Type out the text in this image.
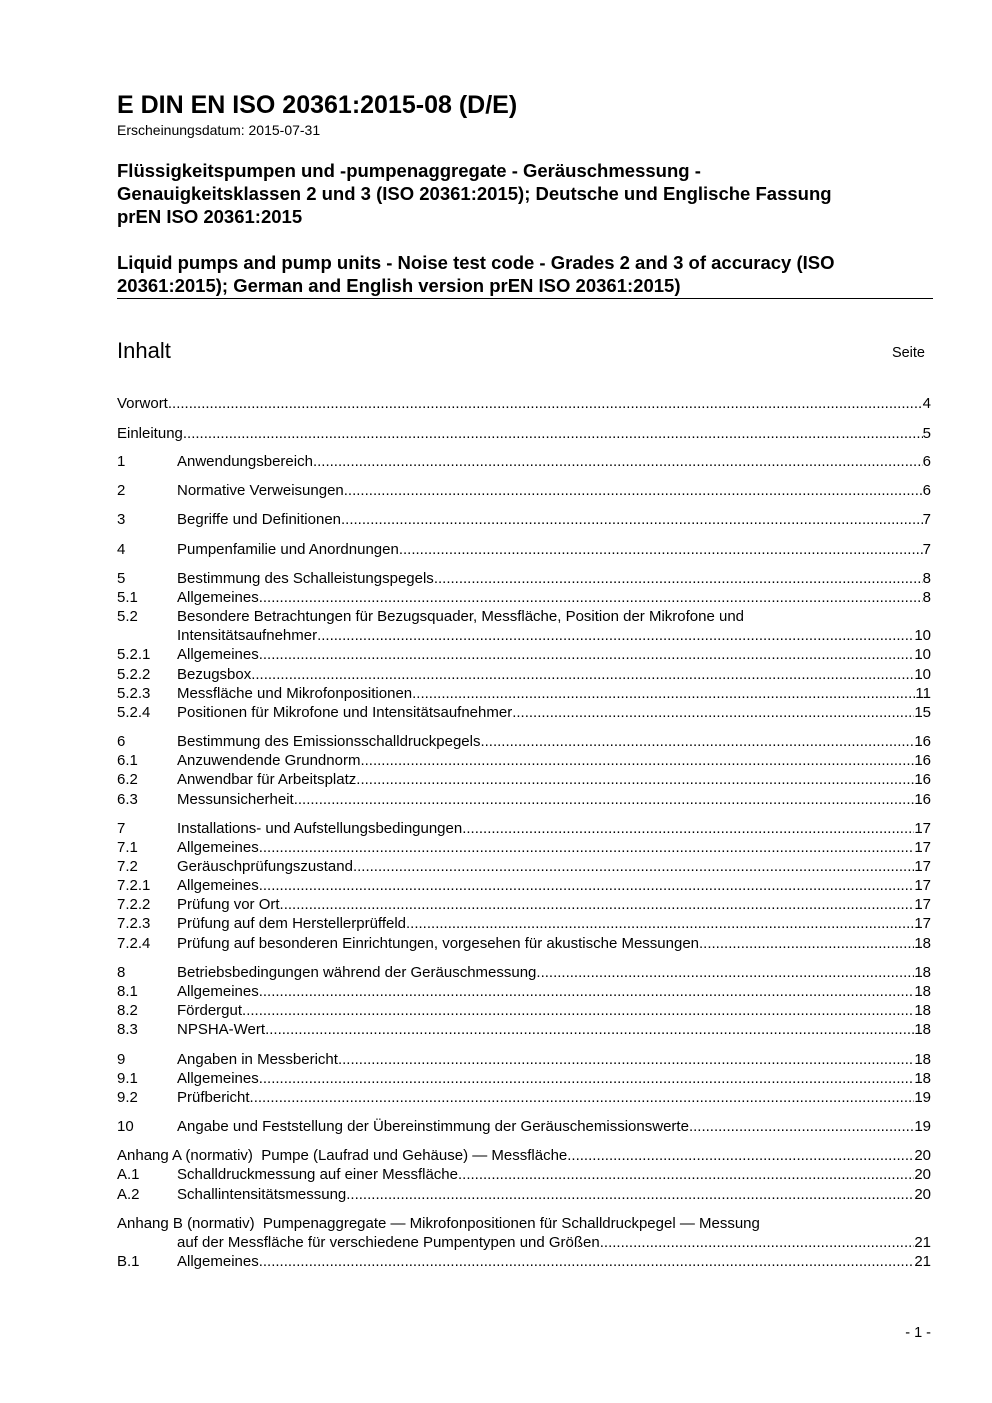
E DIN EN ISO 20361:2015-08 (D/E)
Erscheinungsdatum: 2015-07-31
Flüssigkeitspumpen und -pumpenaggregate - Geräuschmessung -
Genauigkeitsklassen 2 und 3 (ISO 20361:2015); Deutsche und Englische Fassung
prEN ISO 20361:2015
Liquid pumps and pump units - Noise test code - Grades 2 and 3 of accuracy (ISO
20361:2015); German and English version prEN ISO 20361:2015)
Inhalt	Seite
Vorwort .....	4
Einleitung .....	5
1	Anwendungsbereich .....	6
2	Normative Verweisungen .....	6
3	Begriffe und Definitionen .....	7
4	Pumpenfamilie und Anordnungen .....	7
5	Bestimmung des Schalleistungspegels .....	8
5.1	Allgemeines .....	8
5.2	Besondere Betrachtungen für Bezugsquader, Messfläche, Position der Mikrofone und
Intensitätsaufnehmer .....	10
5.2.1 Allgemeines .....	10
5.2.2 Bezugsbox .....	10
5.2.3 Messfläche und Mikrofonpositionen .....	11
5.2.4 Positionen für Mikrofone und Intensitätsaufnehmer .....	15
6	Bestimmung des Emissionsschalldruckpegels .....	16
6.1	Anzuwendende Grundnorm .....	16
6.2	Anwendbar für Arbeitsplatz .....	16
6.3	Messunsicherheit .....	16
7	Installations- und Aufstellungsbedingungen .....	17
7.1	Allgemeines .....	17
7.2	Geräuschprüfungszustand .....	17
7.2.1 Allgemeines .....	17
7.2.2 Prüfung vor Ort .....	17
7.2.3 Prüfung auf dem Herstellerprüffeld .....	17
7.2.4 Prüfung auf besonderen Einrichtungen, vorgesehen für akustische Messungen .....	18
8	Betriebsbedingungen während der Geräuschmessung .....	18
8.1	Allgemeines .....	18
8.2	Fördergut .....	18
8.3	NPSHA-Wert .....	18
9	Angaben in Messbericht .....	18
9.1	Allgemeines .....	18
9.2	Prüfbericht .....	19
10	Angabe und Feststellung der Übereinstimmung der Geräuschemissionswerte .....	19
Anhang A (normativ) Pumpe (Laufrad und Gehäuse) — Messfläche .....	20
A.1 Schalldruckmessung auf einer Messfläche .....	20
A.2 Schallintensitätsmessung .....	20
Anhang B (normativ) Pumpenaggregate — Mikrofonpositionen für Schalldruckpegel — Messung
auf der Messfläche für verschiedene Pumpentypen und Größen .....	21
B.1 Allgemeines .....	21
- 1 -
